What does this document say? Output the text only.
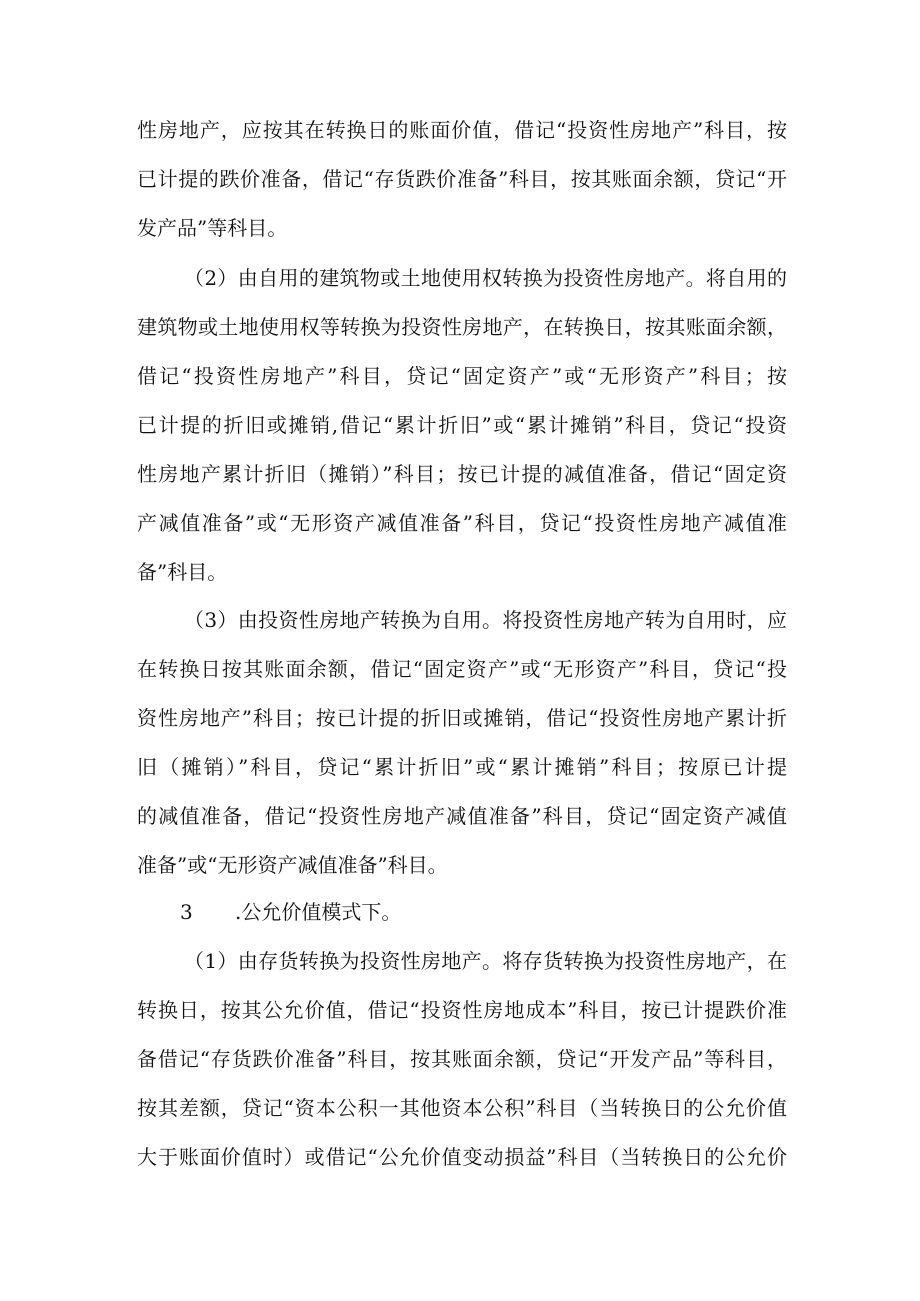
性房地产，应按其在转换日的账面价值，借记“投资性房地产”科目，按
已计提的跌价准备，借记“存货跌价准备”科目，按其账面余额，贷记“开
发产品”等科目。
（2）由自用的建筑物或土地使用权转换为投资性房地产。将自用的
建筑物或土地使用权等转换为投资性房地产，在转换日，按其账面余额，
借记“投资性房地产”科目，贷记“固定资产”或“无形资产”科目；按
已计提的折旧或摊销,借记“累计折旧”或“累计摊销”科目，贷记“投资
性房地产累计折旧（摊销）”科目；按已计提的减值准备，借记“固定资
产减值准备”或“无形资产减值准备”科目，贷记“投资性房地产减值准
备”科目。
（3）由投资性房地产转换为自用。将投资性房地产转为自用时，应
在转换日按其账面余额，借记“固定资产”或“无形资产”科目，贷记“投
资性房地产”科目；按已计提的折旧或摊销，借记“投资性房地产累计折
旧（摊销）”科目，贷记“累计折旧”或“累计摊销”科目；按原已计提
的减值准备，借记“投资性房地产减值准备”科目，贷记“固定资产减值
准备”或“无形资产减值准备”科目。
3 .公允价值模式下。
（1）由存货转换为投资性房地产。将存货转换为投资性房地产，在
转换日，按其公允价值，借记“投资性房地成本”科目，按已计提跌价准
备借记“存货跌价准备”科目，按其账面余额，贷记“开发产品”等科目，
按其差额，贷记“资本公积一其他资本公积”科目（当转换日的公允价值
大于账面价值时）或借记“公允价值变动损益”科目（当转换日的公允价
